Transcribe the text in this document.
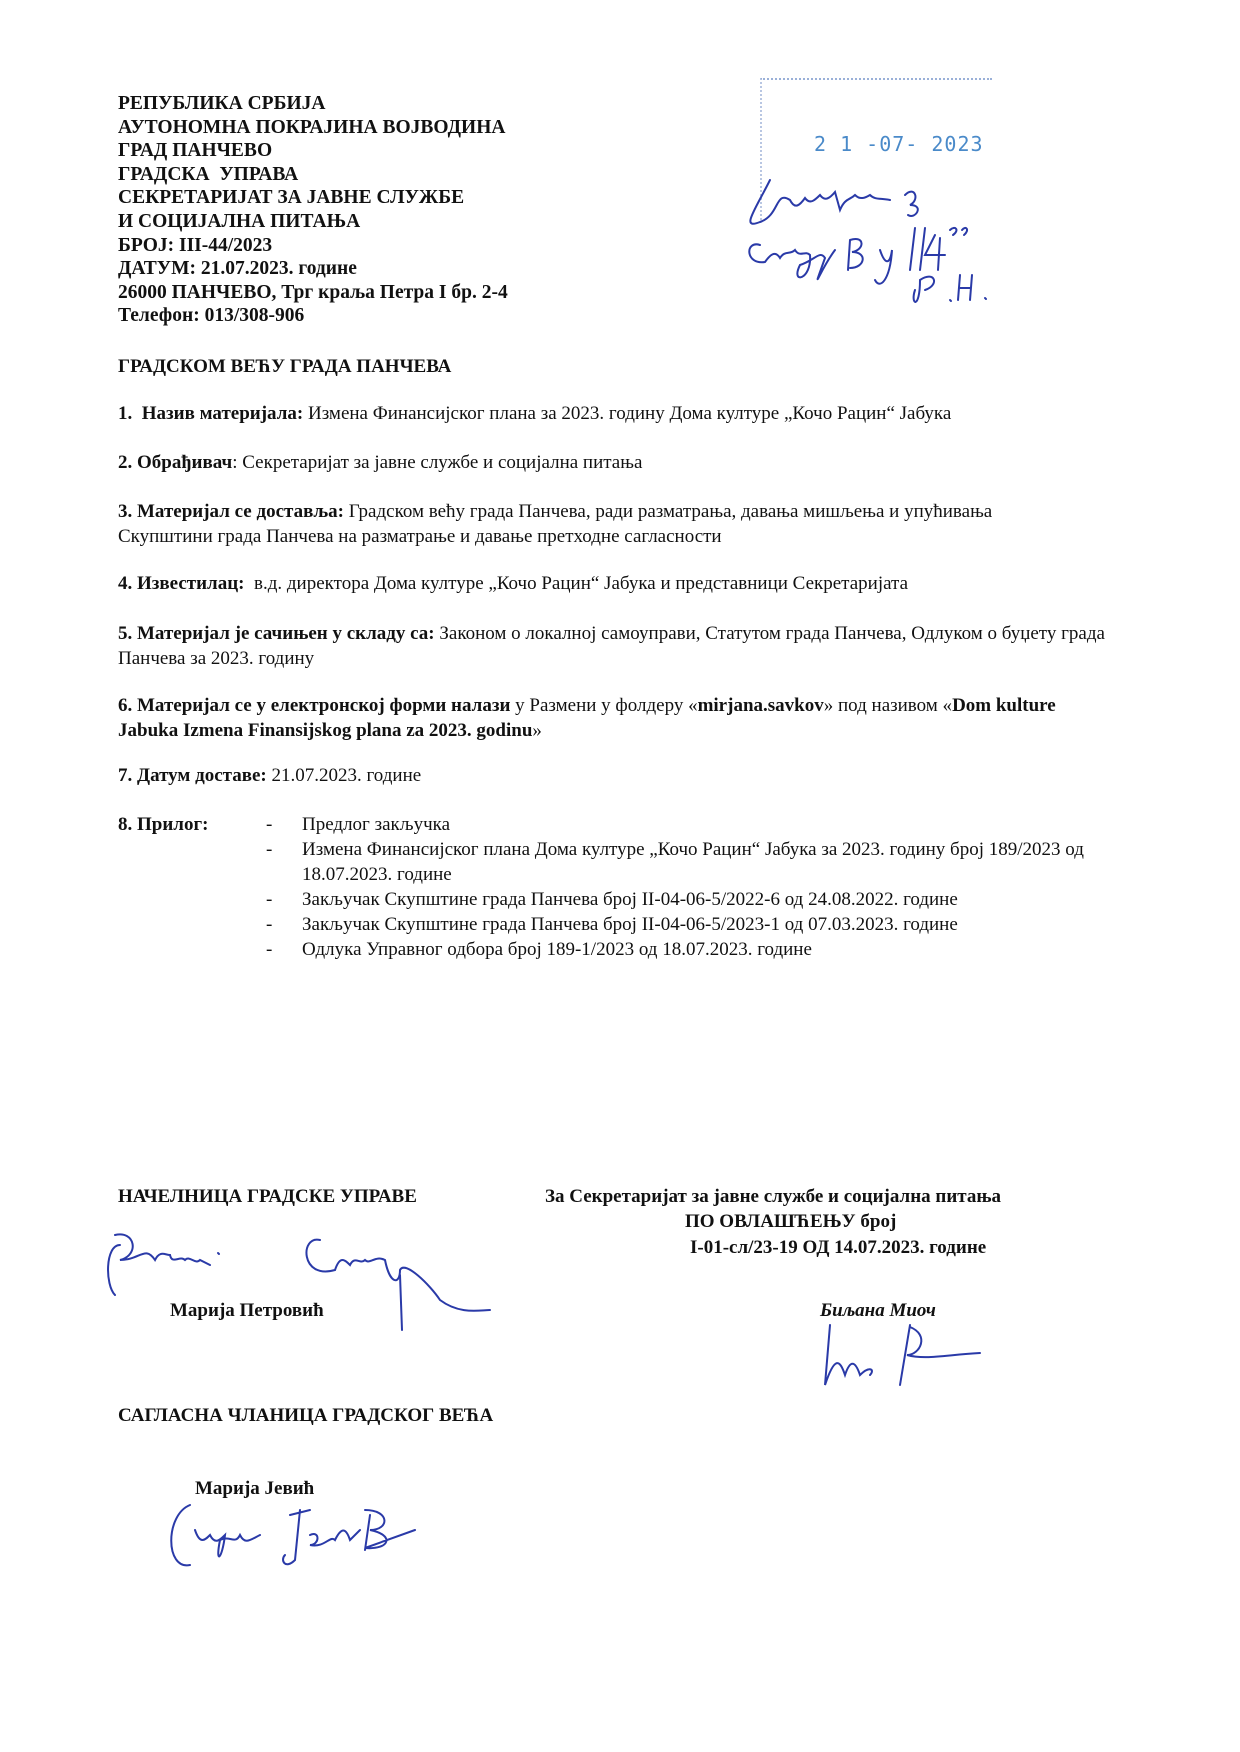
РЕПУБЛИКА СРБИЈА
АУТОНОМНА ПОКРАЈИНА ВОЈВОДИНА
ГРАД ПАНЧЕВО
ГРАДСКА  УПРАВА
СЕКРЕТАРИЈАТ ЗА ЈАВНЕ СЛУЖБЕ
И СОЦИЈАЛНА ПИТАЊА
БРОЈ: III-44/2023
ДАТУМ: 21.07.2023. године
26000 ПАНЧЕВО, Трг краља Петра I бр. 2-4
Телефон: 013/308-906
2 1 -07- 2023
ГРАДСКОМ ВЕЋУ ГРАДА ПАНЧЕВА
1.  Назив материјала: Измена Финансијског плана за 2023. годину Дома културе „Кочо Рацин“ Јабука
2. Обрађивач: Секретаријат за јавне службе и социјална питања
3. Материјал се доставља: Градском већу града Панчева, ради разматрања, давања мишљења и упућивања Скупштини града Панчева на разматрање и давање претходне сагласности
4. Известилац:  в.д. директора Дома културе „Кочо Рацин“ Јабука и представници Секретаријата
5. Материјал је сачињен у складу са: Законом о локалној самоуправи, Статутом града Панчева, Одлуком о буџету града Панчева за 2023. годину
6. Материјал се у електронској форми налази у Размени у фолдеру «mirjana.savkov» под називом «Dom kulture Jabuka Izmena Finansijskog plana za 2023. godinu»
7. Датум доставе: 21.07.2023. године
8. Прилог:	- Предлог закључка
- Измена Финансијског плана Дома културе „Кочо Рацин“ Јабука за 2023. годину број 189/2023 од 18.07.2023. године
- Закључак Скупштине града Панчева број II-04-06-5/2022-6 од 24.08.2022. године
- Закључак Скупштине града Панчева број II-04-06-5/2023-1 од 07.03.2023. године
- Одлука Управног одбора број 189-1/2023 од 18.07.2023. године
НАЧЕЛНИЦА ГРАДСКЕ УПРАВЕ
Марија Петровић
За Секретаријат за јавне службе и социјална питања
ПО ОВЛАШЋЕЊУ број
I-01-сл/23-19 ОД 14.07.2023. године
Биљана Миоч
САГЛАСНА ЧЛАНИЦА ГРАДСКОГ ВЕЋА
Марија Јевић
